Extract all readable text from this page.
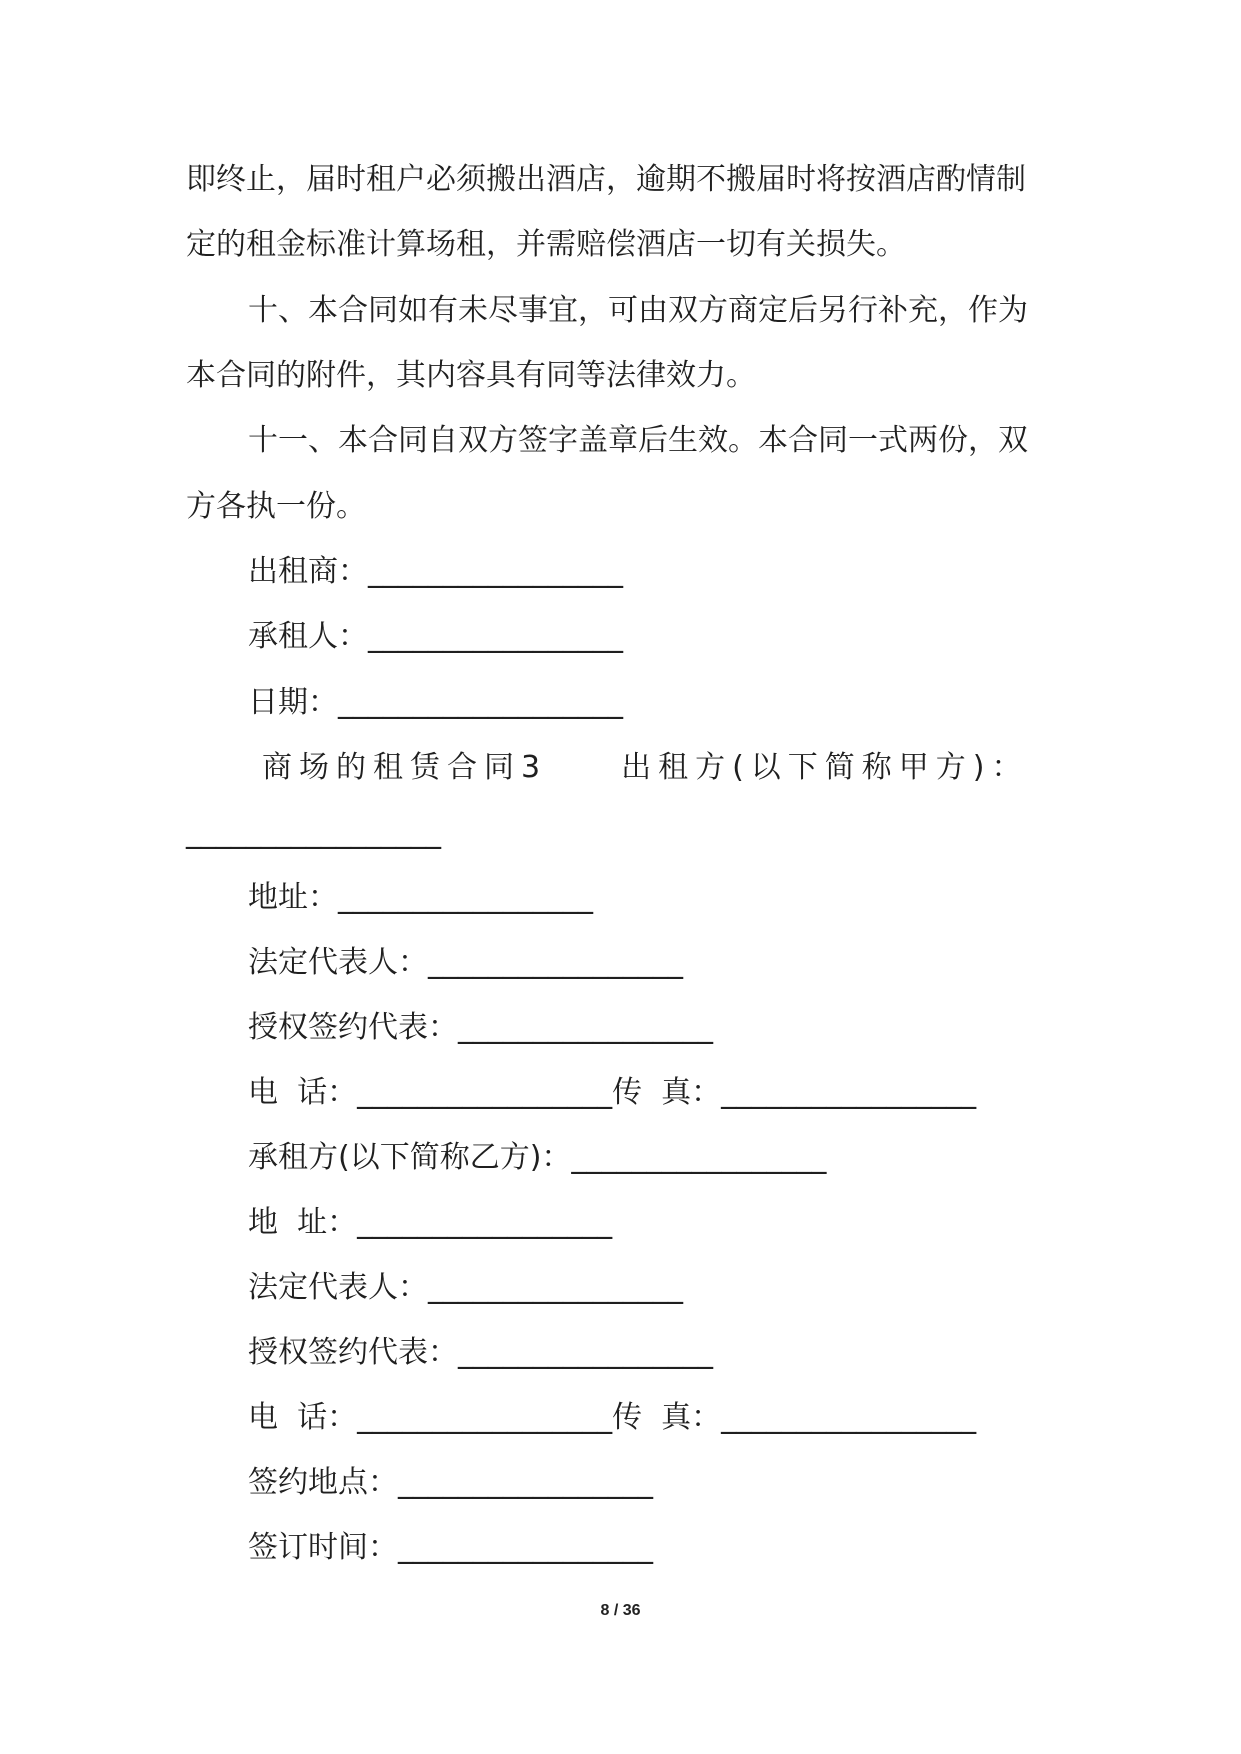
即终止，届时租户必须搬出酒店，逾期不搬届时将按酒店酌情制
定的租金标准计算场租，并需赔偿酒店一切有关损失。
十、本合同如有未尽事宜，可由双方商定后另行补充，作为
本合同的附件，其内容具有同等法律效力。
十一、本合同自双方签字盖章后生效。本合同一式两份，双
方各执一份。
出租商：_________________
承租人：_________________
日期：___________________
商场的租赁合同3　　出租方(以下简称甲方)：
_________________
地址：_________________
法定代表人：_________________
授权签约代表：_________________
电  话：_________________传  真：_________________
承租方(以下简称乙方)：_________________
地  址：_________________
法定代表人：_________________
授权签约代表：_________________
电  话：_________________传  真：_________________
签约地点：_________________
签订时间：_________________
8 / 36
